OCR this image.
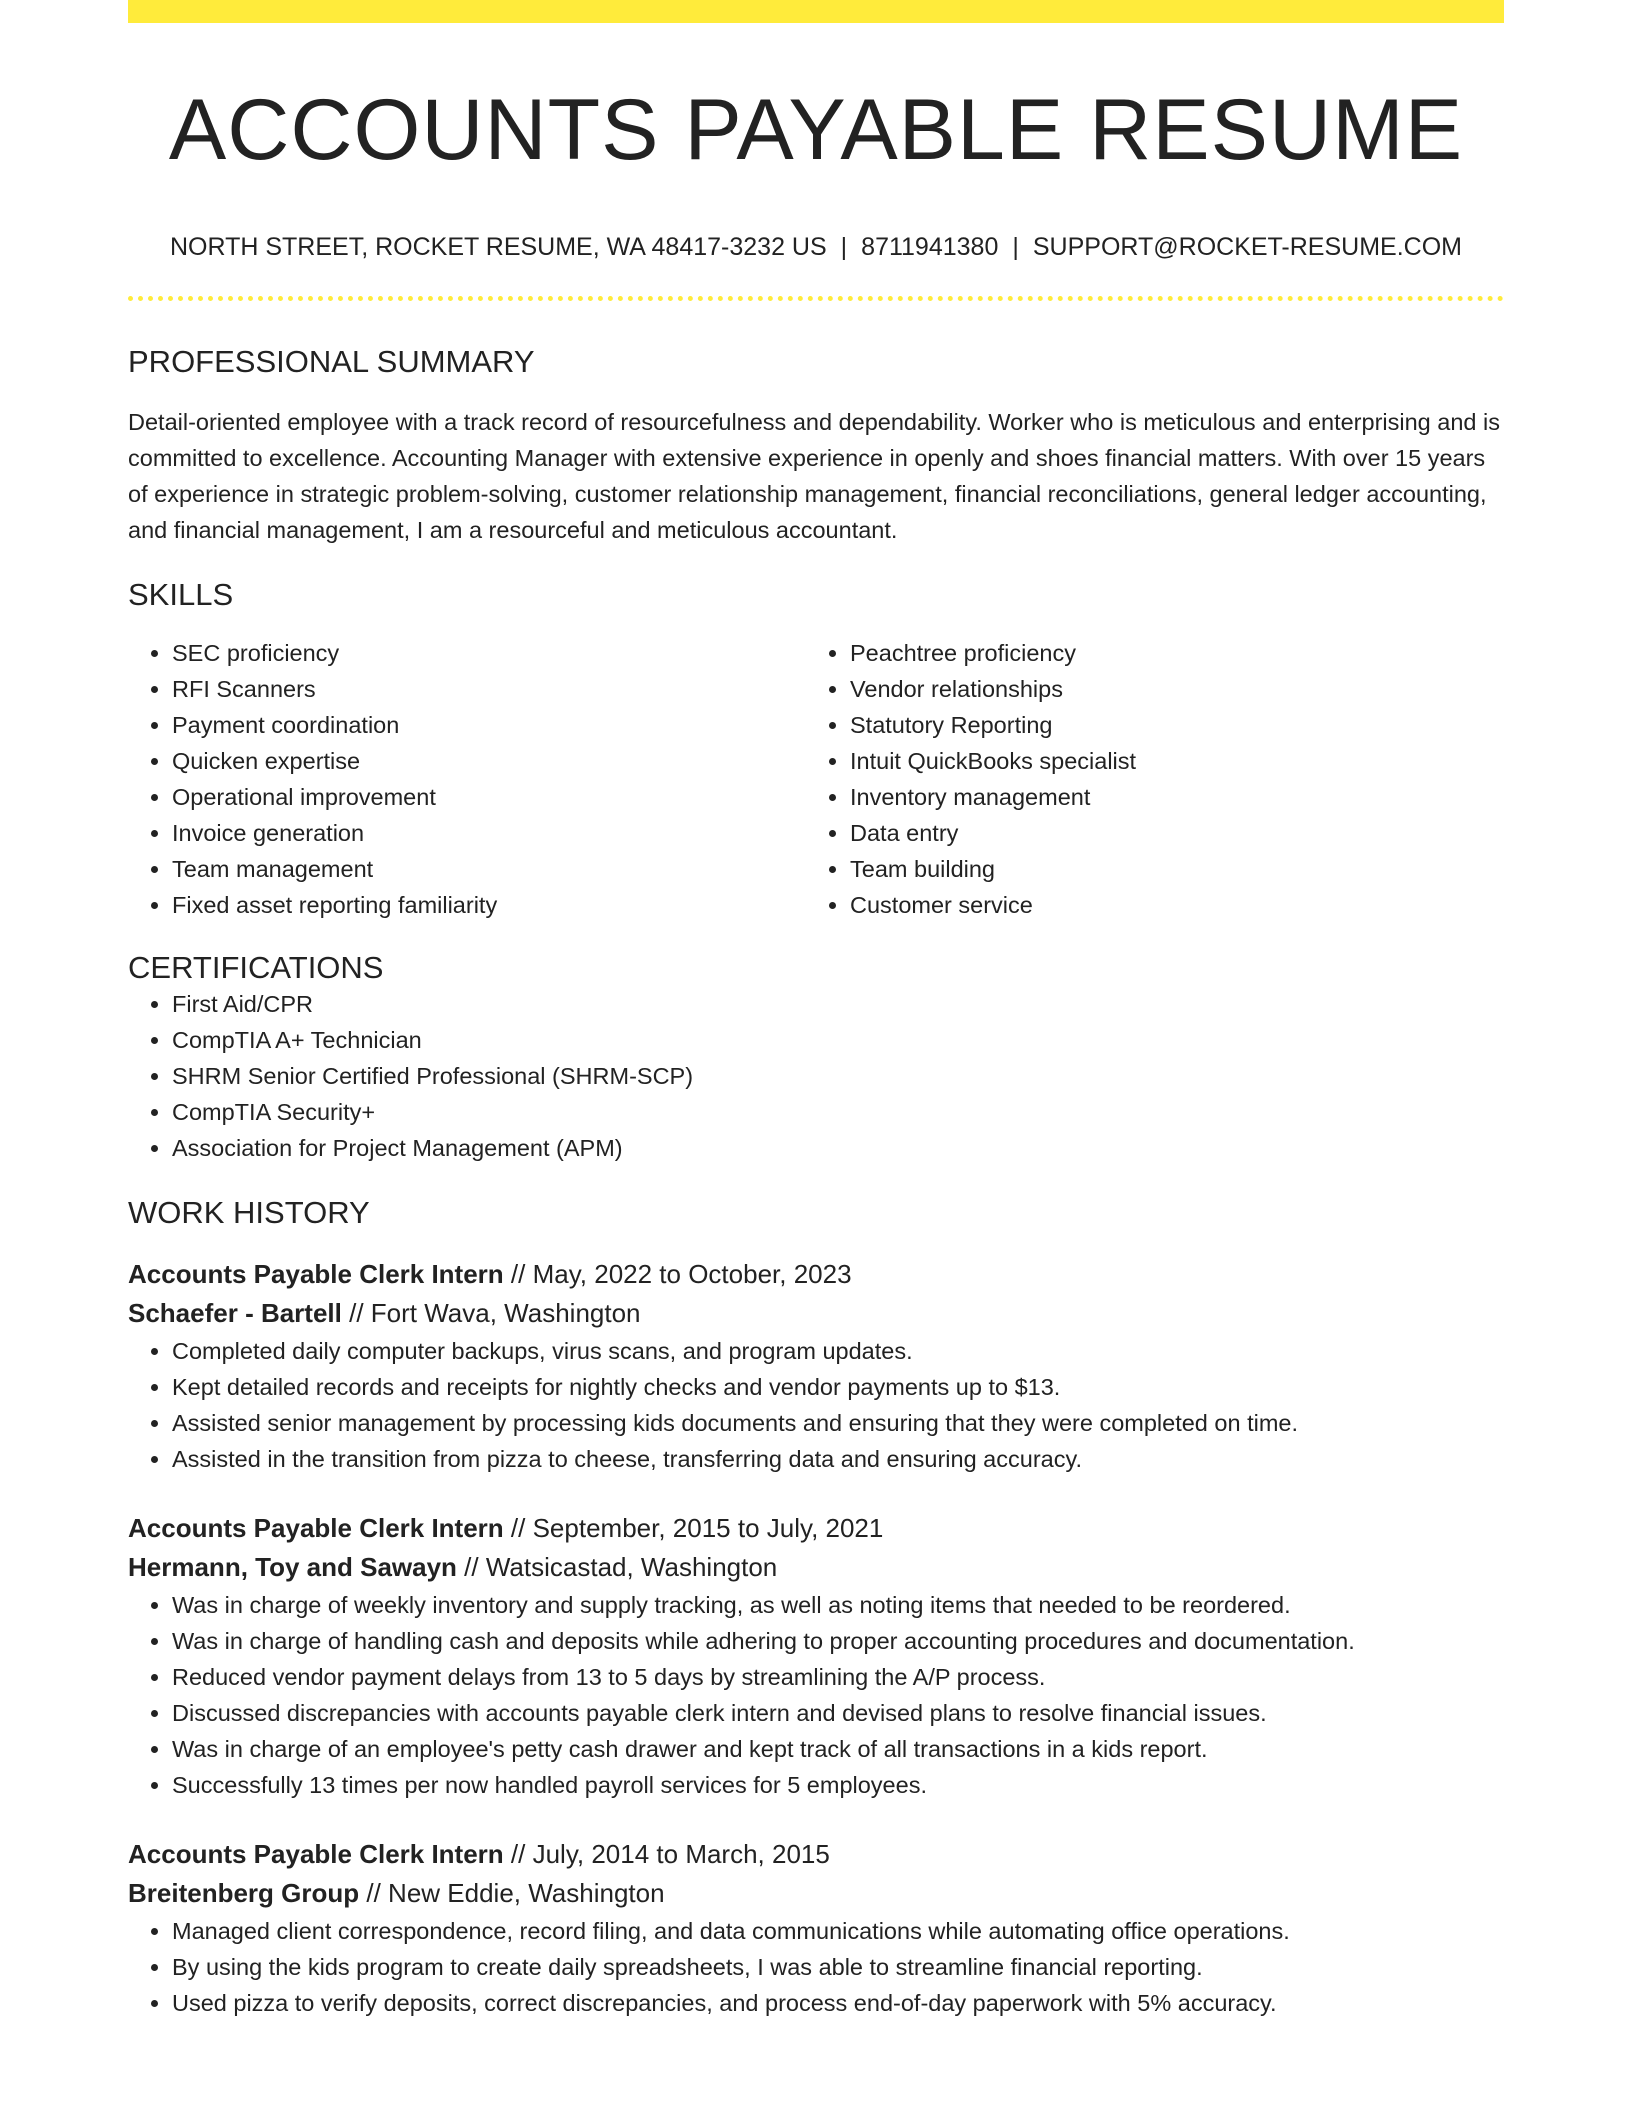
ACCOUNTS PAYABLE RESUME
NORTH STREET, ROCKET RESUME, WA 48417-3232 US | 8711941380 | SUPPORT@ROCKET-RESUME.COM
PROFESSIONAL SUMMARY

Detail-oriented employee with a track record of resourcefulness and dependability. Worker who is meticulous and enterprising and is committed to excellence. Accounting Manager with extensive experience in openly and shoes financial matters. With over 15 years of experience in strategic problem-solving, customer relationship management, financial reconciliations, general ledger accounting, and financial management, I am a resourceful and meticulous accountant.

SKILLS
• SEC proficiency
• RFI Scanners
• Payment coordination
• Quicken expertise
• Operational improvement
• Invoice generation
• Team management
• Fixed asset reporting familiarity
• Peachtree proficiency
• Vendor relationships
• Statutory Reporting
• Intuit QuickBooks specialist
• Inventory management
• Data entry
• Team building
• Customer service
CERTIFICATIONS
• First Aid/CPR
• CompTIA A+ Technician
• SHRM Senior Certified Professional (SHRM-SCP)
• CompTIA Security+
• Association for Project Management (APM)
WORK HISTORY
Accounts Payable Clerk Intern // May, 2022 to October, 2023
Schaefer - Bartell // Fort Wava, Washington
• Completed daily computer backups, virus scans, and program updates.
• Kept detailed records and receipts for nightly checks and vendor payments up to $13.
• Assisted senior management by processing kids documents and ensuring that they were completed on time.
• Assisted in the transition from pizza to cheese, transferring data and ensuring accuracy.
Accounts Payable Clerk Intern // September, 2015 to July, 2021
Hermann, Toy and Sawayn // Watsicastad, Washington
• Was in charge of weekly inventory and supply tracking, as well as noting items that needed to be reordered.
• Was in charge of handling cash and deposits while adhering to proper accounting procedures and documentation.
• Reduced vendor payment delays from 13 to 5 days by streamlining the A/P process.
• Discussed discrepancies with accounts payable clerk intern and devised plans to resolve financial issues.
• Was in charge of an employee's petty cash drawer and kept track of all transactions in a kids report.
• Successfully 13 times per now handled payroll services for 5 employees.
Accounts Payable Clerk Intern // July, 2014 to March, 2015
Breitenberg Group // New Eddie, Washington
• Managed client correspondence, record filing, and data communications while automating office operations.
• By using the kids program to create daily spreadsheets, I was able to streamline financial reporting.
• Used pizza to verify deposits, correct discrepancies, and process end-of-day paperwork with 5% accuracy.
